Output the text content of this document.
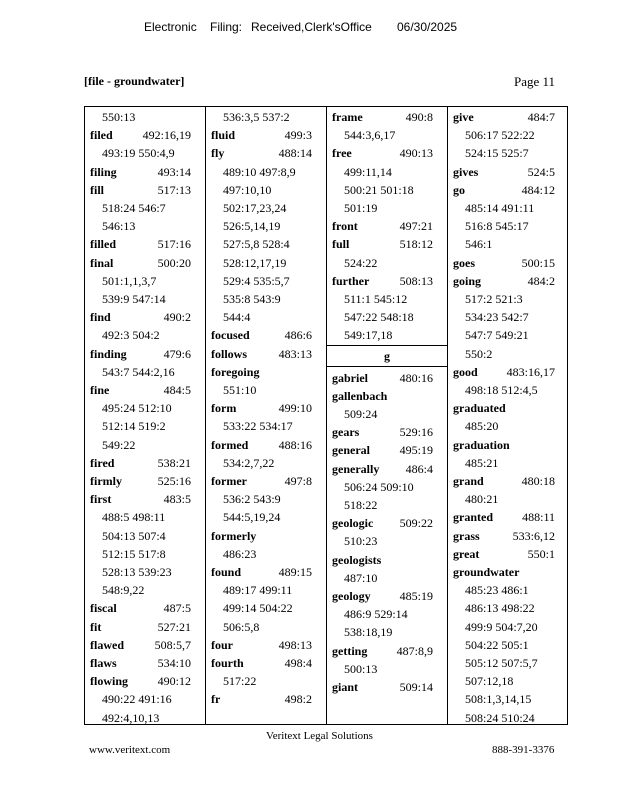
Electronic Filing: Received,Clerk'sOffice 06/30/2025
[file - groundwater]	Page 11
550:13
filed 492:16,19
493:19 550:4,9
filing	493:14
fill	517:13
518:24 546:7
546:13
filled	517:16
final	500:20
501:1,1,3,7
539:9 547:14
find	490:2
492:3 504:2
finding	479:6
543:7 544:2,16
fine	484:5
495:24 512:10
512:14 519:2
549:22
fired	538:21
firmly	525:16
first	483:5
488:5 498:11
504:13 507:4
512:15 517:8
528:13 539:23
548:9,22
fiscal	487:5
fit	527:21
flawed	508:5,7
flaws	534:10
flowing 490:12
490:22 491:16
492:4,10,13
536:3,5 537:2
fluid	499:3
fly	488:14
489:10 497:8,9
497:10,10
502:17,23,24
526:5,14,19
527:5,8 528:4
528:12,17,19
529:4 535:5,7
535:8 543:9
544:4
focused	486:6
follows	483:13
foregoing
551:10
form	499:10
533:22 534:17
formed	488:16
534:2,7,22
former	497:8
536:2 543:9
544:5,19,24
formerly
486:23
found	489:15
489:17 499:11
499:14 504:22
506:5,8
four	498:13
fourth	498:4
517:22
fr	498:2
frame	490:8
544:3,6,17
free	490:13
499:11,14
500:21 501:18
501:19
front	497:21
full	518:12
524:22
further	508:13
511:1 545:12
547:22 548:18
549:17,18
g
gabriel	480:16
gallenbach
509:24
gears	529:16
general 495:19
generally 486:4
506:24 509:10
518:22
geologic 509:22
510:23
geologists
487:10
geology 485:19
486:9 529:14
538:18,19
getting 487:8,9
500:13
giant	509:14
give	484:7
506:17 522:22
524:15 525:7
gives	524:5
go	484:12
485:14 491:11
516:8 545:17
546:1
goes	500:15
going	484:2
517:2 521:3
534:23 542:7
547:7 549:21
550:2
good 483:16,17
498:18 512:4,5
graduated
485:20
graduation
485:21
grand	480:18
480:21
granted 488:11
grass	533:6,12
great	550:1
groundwater
485:23 486:1
486:13 498:22
499:9 504:7,20
504:22 505:1
505:12 507:5,7
507:12,18
508:1,3,14,15
508:24 510:24
Veritext Legal Solutions
www.veritext.com	888-391-3376
